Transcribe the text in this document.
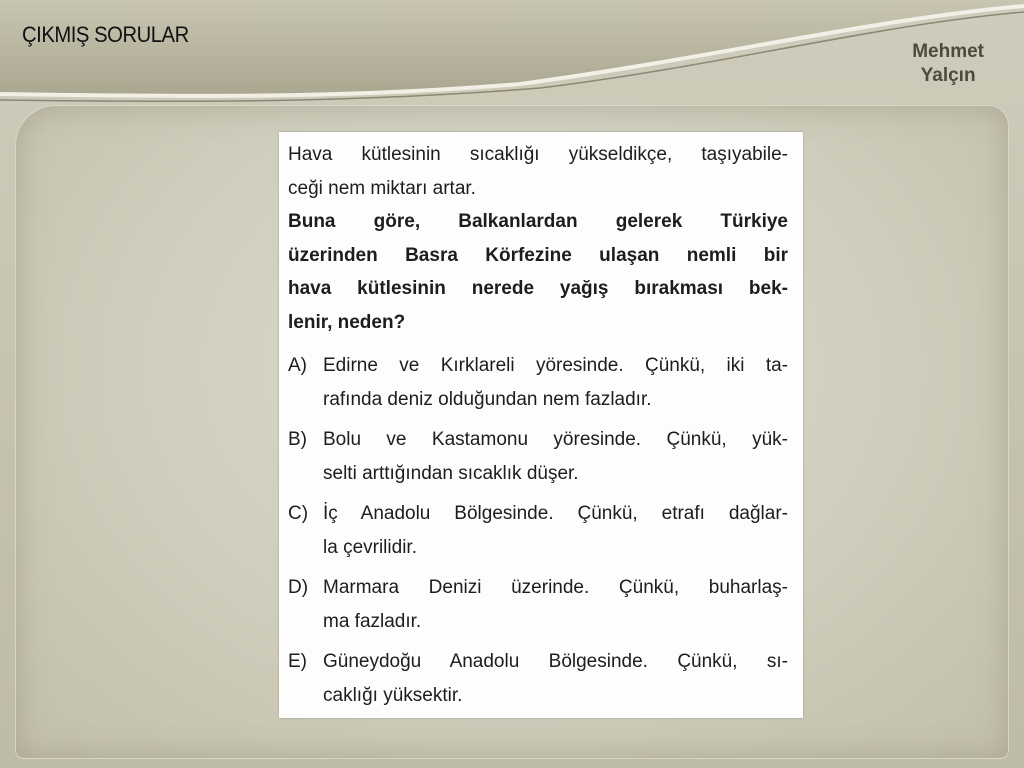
ÇIKMIŞ SORULAR
Mehmet
Yalçın
Hava kütlesinin sıcaklığı yükseldikçe, taşıyabile-
ceği nem miktarı artar.
Buna göre, Balkanlardan gelerek Türkiye
üzerinden Basra Körfezine ulaşan nemli bir
hava kütlesinin nerede yağış bırakması bek-
lenir, neden?
A) Edirne ve Kırklareli yöresinde. Çünkü, iki ta-
rafında deniz olduğundan nem fazladır.
B) Bolu ve Kastamonu yöresinde. Çünkü, yük-
selti arttığından sıcaklık düşer.
C) İç Anadolu Bölgesinde. Çünkü, etrafı dağlar-
la çevrilidir.
D) Marmara Denizi üzerinde. Çünkü, buharlaş-
ma fazladır.
E) Güneydoğu Anadolu Bölgesinde. Çünkü, sı-
caklığı yüksektir.
